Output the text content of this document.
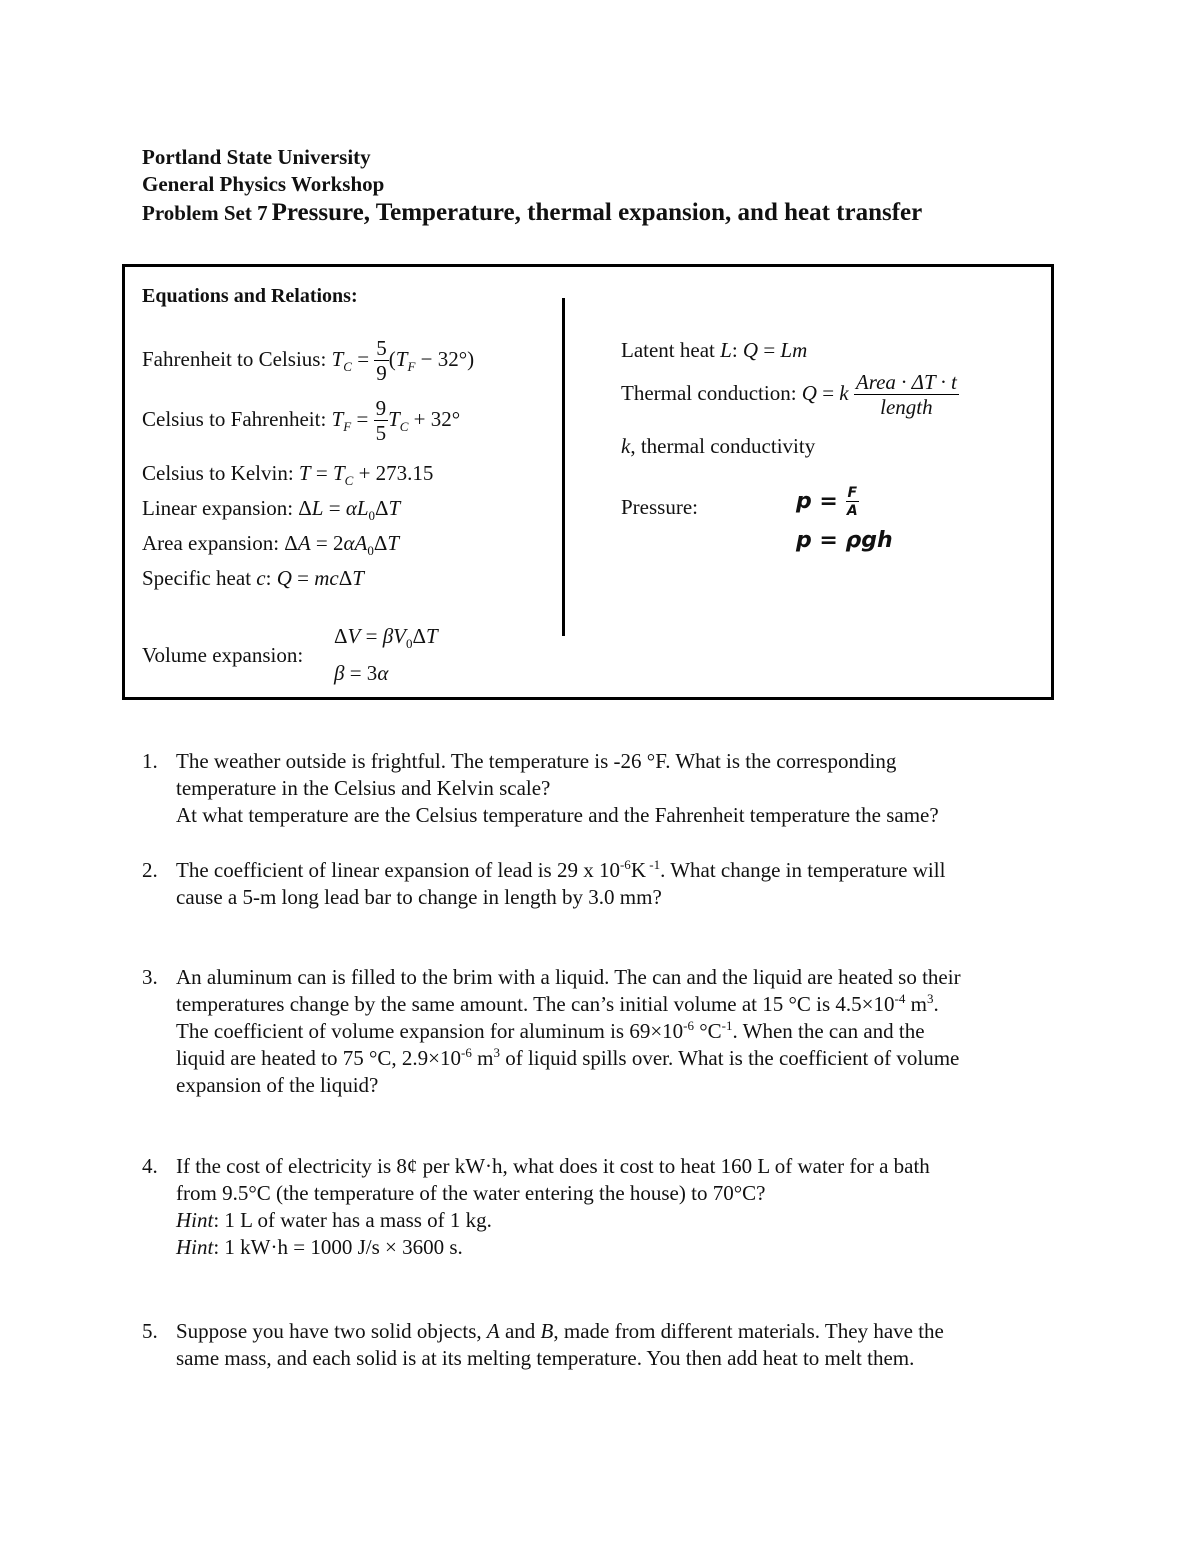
Portland State University
General Physics Workshop
Problem Set 7 Pressure, Temperature, thermal expansion, and heat transfer
Equations and Relations:
Fahrenheit to Celsius: $T_C = \frac{5}{9} (T_F - 32^\circ)$
Celsius to Fahrenheit: $T_F = \frac{9}{5} T_C + 32^\circ$
Celsius to Kelvin: $T = T_C + 273.15$
Linear expansion: $\Delta L = \alpha L_0\Delta T$
Area expansion: $\Delta A = 2\alpha A_0\Delta T$
Specific heat c: Q = mcΔT
Volume expansion:
$\Delta V = \beta V_0\Delta T$
β = 3α
Latent heat L: Q = Lm
Thermal conduction: Q = k $\frac{\text{Area · ΔT · t}}{\text{length}}$
k, thermal conductivity
Pressure:	$p = \frac{F}{A}$
p = ρgh
1. The weather outside is frightful. The temperature is -26 °F. What is the corresponding
temperature in the Celsius and Kelvin scale?
At what temperature are the Celsius temperature and the Fahrenheit temperature the same?
2. The coefficient of linear expansion of lead is 29 x $10^{-6}K$ $^{-1}$. What change in temperature will
cause a 5-m long lead bar to change in length by 3.0 mm?
3. An aluminum can is filled to the brim with a liquid. The can and the liquid are heated so their
temperatures change by the same amount. The can’s initial volume at 15 °C is $4.5\times 10^{-4}$ $m^3$.
The coefficient of volume expansion for aluminum is $69\times 10^{-6}$ $^\circ C^{-1}$. When the can and the
liquid are heated to 75 °C, $2.9\times 10^{-6}$ $m^3$ of liquid spills over. What is the coefficient of volume
expansion of the liquid?
4. If the cost of electricity is 8¢ per kW·h, what does it cost to heat 160 L of water for a bath
from 9.5°C (the temperature of the water entering the house) to 70°C?
Hint: 1 L of water has a mass of 1 kg.
Hint: 1 kW·h = 1000 J/s × 3600 s.
5. Suppose you have two solid objects, A and B, made from different materials. They have the
same mass, and each solid is at its melting temperature. You then add heat to melt them.
